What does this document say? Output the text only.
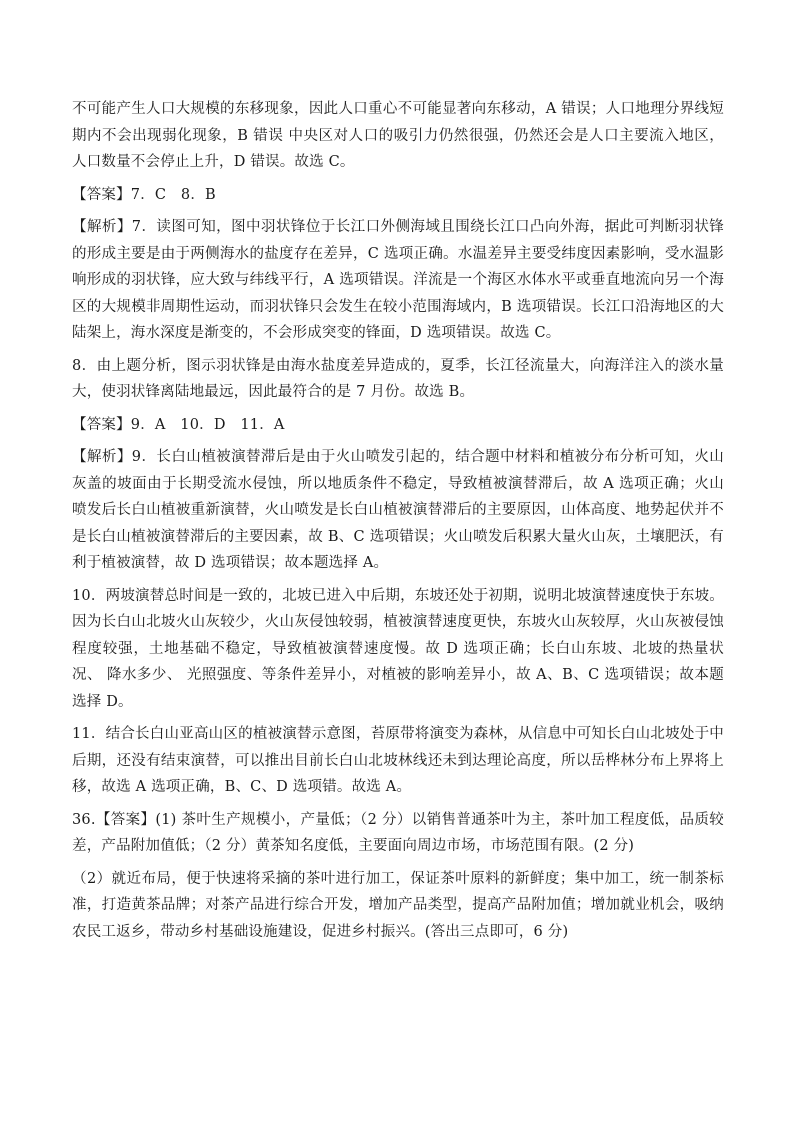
不可能产生人口大规模的东移现象，因此人口重心不可能显著向东移动，A 错误；人口地理分界线短期内不会出现弱化现象，B 错误 中央区对人口的吸引力仍然很强，仍然还会是人口主要流入地区，人口数量不会停止上升，D 错误。故选 C。

【答案】7．C　8．B

【解析】7．读图可知，图中羽状锋位于长江口外侧海域且围绕长江口凸向外海，据此可判断羽状锋的形成主要是由于两侧海水的盐度存在差异，C 选项正确。水温差异主要受纬度因素影响，受水温影响形成的羽状锋，应大致与纬线平行，A 选项错误。洋流是一个海区水体水平或垂直地流向另一个海区的大规模非周期性运动，而羽状锋只会发生在较小范围海域内，B 选项错误。长江口沿海地区的大陆架上，海水深度是渐变的，不会形成突变的锋面，D 选项错误。故选 C。

8．由上题分析，图示羽状锋是由海水盐度差异造成的，夏季，长江径流量大，向海洋注入的淡水量大，使羽状锋离陆地最远，因此最符合的是 7 月份。故选 B。

【答案】9．A　10．D　11．A

【解析】9．长白山植被演替滞后是由于火山喷发引起的，结合题中材料和植被分布分析可知，火山灰盖的坡面由于长期受流水侵蚀，所以地质条件不稳定，导致植被演替滞后，故 A 选项正确；火山喷发后长白山植被重新演替，火山喷发是长白山植被演替滞后的主要原因，山体高度、地势起伏并不是长白山植被演替滞后的主要因素，故 B、C 选项错误；火山喷发后积累大量火山灰，土壤肥沃，有利于植被演替，故 D 选项错误；故本题选择 A。

10．两坡演替总时间是一致的，北坡已进入中后期，东坡还处于初期，说明北坡演替速度快于东坡。因为长白山北坡火山灰较少，火山灰侵蚀较弱，植被演替速度更快，东坡火山灰较厚，火山灰被侵蚀程度较强，土地基础不稳定，导致植被演替速度慢。故 D 选项正确；长白山东坡、北坡的热量状况、 降水多少、 光照强度、等条件差异小，对植被的影响差异小，故 A、B、C 选项错误；故本题选择 D。

11．结合长白山亚高山区的植被演替示意图，苔原带将演变为森林，从信息中可知长白山北坡处于中后期，还没有结束演替，可以推出目前长白山北坡林线还未到达理论高度，所以岳桦林分布上界将上移，故选 A 选项正确，B、C、D 选项错。故选 A。

36.【答案】(1) 茶叶生产规模小，产量低；（2 分）以销售普通茶叶为主，茶叶加工程度低，品质较差，产品附加值低；（2 分）黄茶知名度低，主要面向周边市场，市场范围有限。(2 分)

（2）就近布局，便于快速将采摘的茶叶进行加工，保证茶叶原料的新鲜度；集中加工，统一制茶标准，打造黄茶品牌；对茶产品进行综合开发，增加产品类型，提高产品附加值；增加就业机会，吸纳农民工返乡，带动乡村基础设施建设，促进乡村振兴。(答出三点即可，6 分)
